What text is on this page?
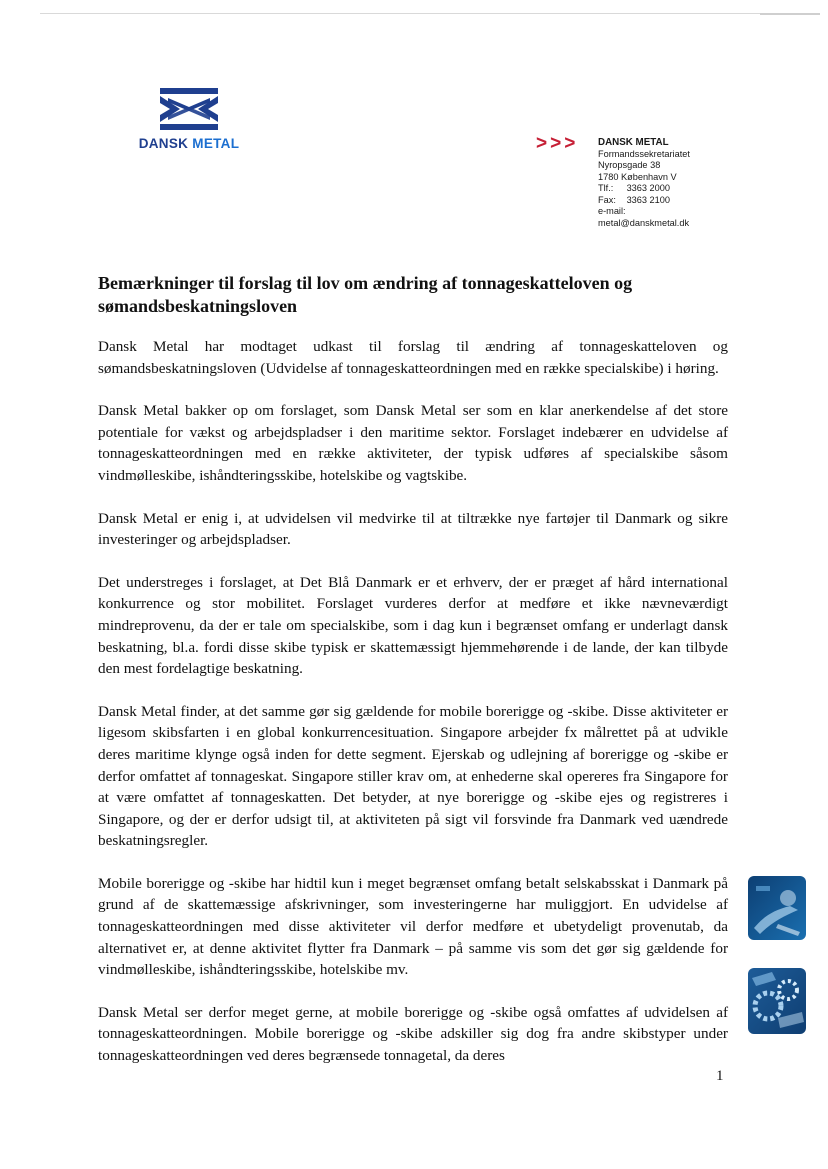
DANSK METAL	>>> DANSK METAL
Formandssekretariatet
Nyropsgade 38
1780 København V
Tlf.: 3363 2000
Fax: 3363 2100
e-mail:
metal@danskmetal.dk
Bemærkninger til forslag til lov om ændring af tonnageskatteloven og sømandsbeskatningsloven

Dansk Metal har modtaget udkast til forslag til ændring af tonnageskatteloven og sømandsbeskatningsloven (Udvidelse af tonnageskatteordningen med en række specialskibe) i høring.

Dansk Metal bakker op om forslaget, som Dansk Metal ser som en klar anerkendelse af det store potentiale for vækst og arbejdspladser i den maritime sektor. Forslaget indebærer en udvidelse af tonnageskatteordningen med en række aktiviteter, der typisk udføres af specialskibe såsom vindmølleskibe, ishåndteringsskibe, hotelskibe og vagtskibe.

Dansk Metal er enig i, at udvidelsen vil medvirke til at tiltrække nye fartøjer til Danmark og sikre investeringer og arbejdspladser.

Det understreges i forslaget, at Det Blå Danmark er et erhverv, der er præget af hård international konkurrence og stor mobilitet. Forslaget vurderes derfor at medføre et ikke nævneværdigt mindreprovenu, da der er tale om specialskibe, som i dag kun i begrænset omfang er underlagt dansk beskatning, bl.a. fordi disse skibe typisk er skattemæssigt hjemmehørende i de lande, der kan tilbyde den mest fordelagtige beskatning.

Dansk Metal finder, at det samme gør sig gældende for mobile borerigge og -skibe. Disse aktiviteter er ligesom skibsfarten i en global konkurrencesituation. Singapore arbejder fx målrettet på at udvikle deres maritime klynge også inden for dette segment. Ejerskab og udlejning af borerigge og -skibe er derfor omfattet af tonnageskat. Singapore stiller krav om, at enhederne skal opereres fra Singapore for at være omfattet af tonnageskatten. Det betyder, at nye borerigge og -skibe ejes og registreres i Singapore, og der er derfor udsigt til, at aktiviteten på sigt vil forsvinde fra Danmark ved uændrede beskatningsregler.

Mobile borerigge og -skibe har hidtil kun i meget begrænset omfang betalt selskabsskat i Danmark på grund af de skattemæssige afskrivninger, som investeringerne har muliggjort. En udvidelse af tonnageskatteordningen med disse aktiviteter vil derfor medføre et ubetydeligt provenutab, da alternativet er, at denne aktivitet flytter fra Danmark – på samme vis som det gør sig gældende for vindmølleskibe, ishåndteringsskibe, hotelskibe mv.

Dansk Metal ser derfor meget gerne, at mobile borerigge og -skibe også omfattes af udvidelsen af tonnageskatteordningen. Mobile borerigge og -skibe adskiller sig dog fra andre skibstyper under tonnageskatteordningen ved deres begrænsede tonnagetal, da deres

1
